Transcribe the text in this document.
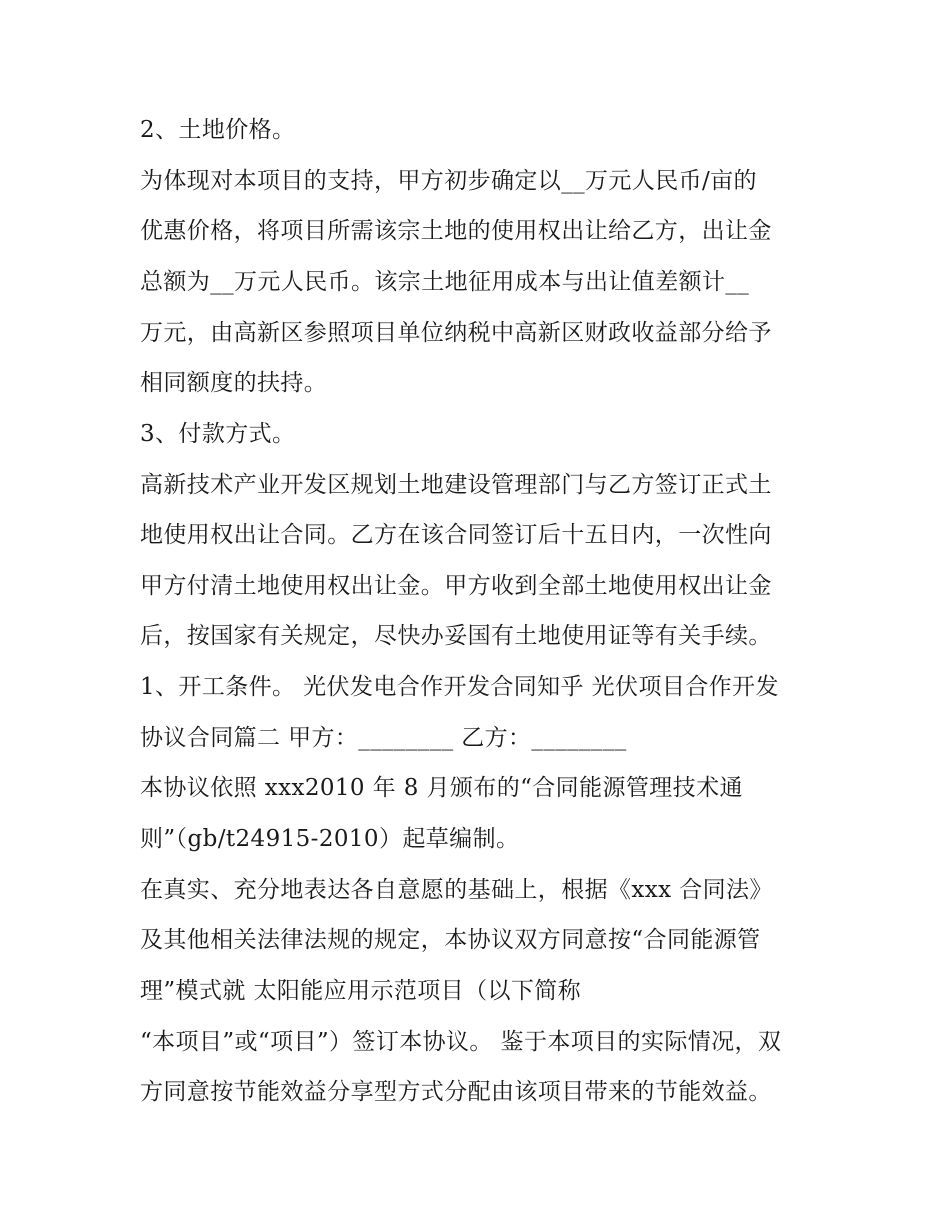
2、土地价格。
为体现对本项目的支持，甲方初步确定以__万元人民币/亩的
优惠价格，将项目所需该宗土地的使用权出让给乙方，出让金
总额为__万元人民币。该宗土地征用成本与出让值差额计__
万元，由高新区参照项目单位纳税中高新区财政收益部分给予
相同额度的扶持。
3、付款方式。
高新技术产业开发区规划土地建设管理部门与乙方签订正式土
地使用权出让合同。乙方在该合同签订后十五日内，一次性向
甲方付清土地使用权出让金。甲方收到全部土地使用权出让金
后，按国家有关规定，尽快办妥国有土地使用证等有关手续。
1、开工条件。 光伏发电合作开发合同知乎 光伏项目合作开发
协议合同篇二 甲方：________ 乙方：________
本协议依照 xxx2010 年 8 月颁布的“合同能源管理技术通
则”（gb/t24915-2010）起草编制。
在真实、充分地表达各自意愿的基础上，根据《xxx 合同法》
及其他相关法律法规的规定，本协议双方同意按“合同能源管
理”模式就 太阳能应用示范项目（以下简称
“本项目”或“项目”）签订本协议。 鉴于本项目的实际情况，双
方同意按节能效益分享型方式分配由该项目带来的节能效益。
